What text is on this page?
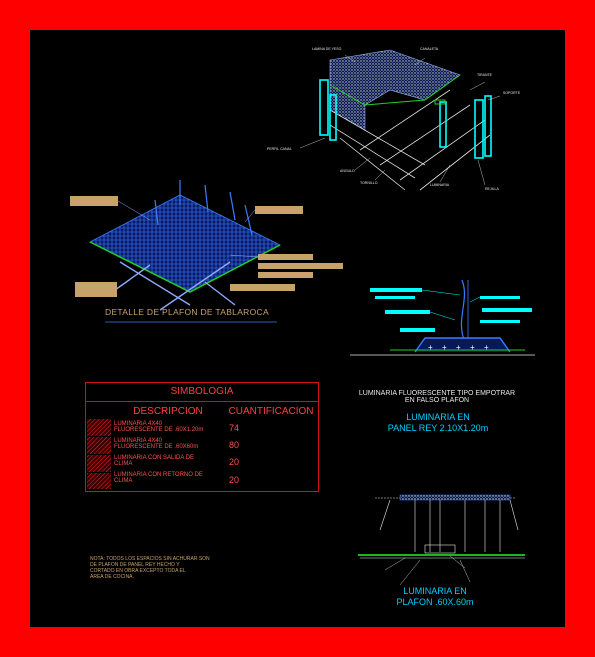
+ + + + +
LAMINA DE YESO	CANALETA
TIRANTE
SOPORTE
PERFIL CANAL
ANGULO
TORNILLO	LUMINARIA
REJILLA
DETALLE DE PLAFON DE TABLAROCA
SIMBOLOGIA
DESCRIPCION	CUANTIFICACION
LUMINARIA 4X40
FLUORESCENTE DE .60X1.20m	74
LUMINARIA 4X40
FLUORESCENTE DE .60X60m	80
LUMINARIA CON SALIDA DE
CLIMA	20
LUMINARIA CON RETORNO DE
CLIMA	20
NOTA: TODOS LOS ESPACIOS SIN ACHURAR SON
DE PLAFON DE PANEL REY HECHO Y
CORTADO EN OBRA EXCEPTO TODA EL
AREA DE COCINA.
LUMINARIA FLUORESCENTE TIPO EMPOTRAR
EN FALSO PLAFON
LUMINARIA EN
PANEL REY 2.10X1.20m
LUMINARIA EN
PLAFON .60X.60m
